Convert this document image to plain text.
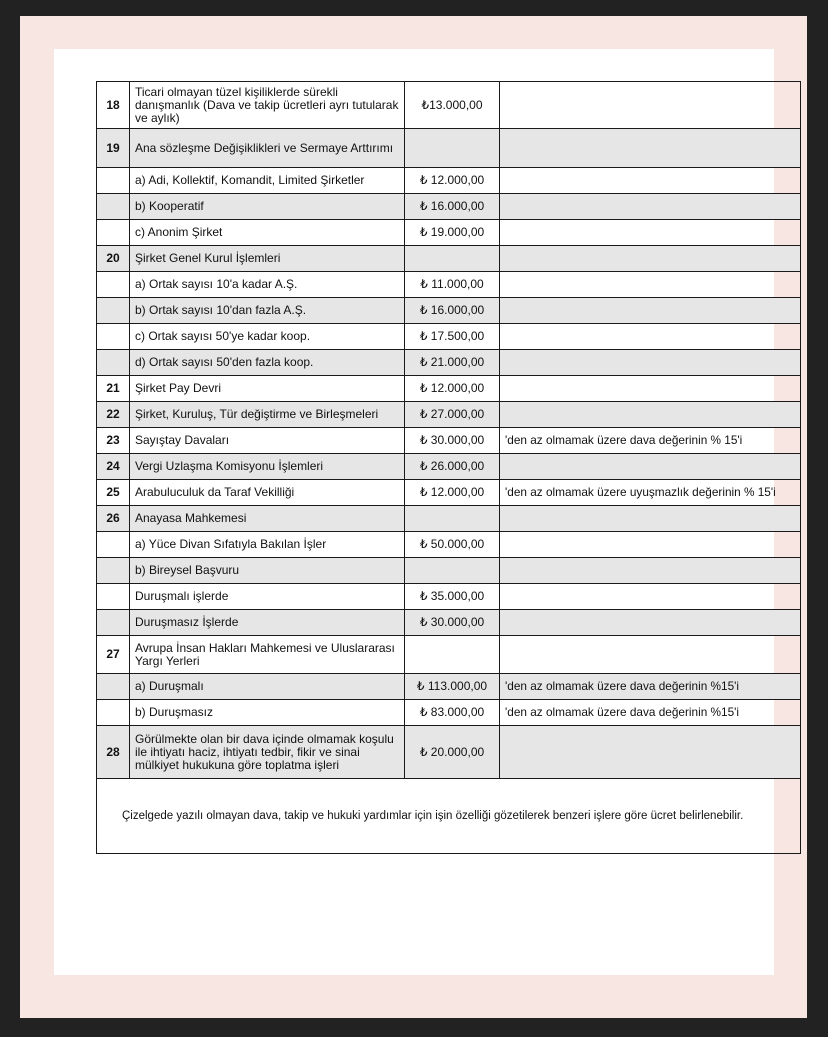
18	Ticari olmayan tüzel kişiliklerde sürekli danışmanlık (Dava ve takip ücretleri ayrı tutularak ve aylık)	₺13.000,00	
19	Ana sözleşme Değişiklikleri ve Sermaye Arttırımı		
	a) Adi, Kollektif, Komandit, Limited Şirketler	₺ 12.000,00	
	b) Kooperatif	₺ 16.000,00	
	c) Anonim Şirket	₺ 19.000,00	
20	Şirket Genel Kurul İşlemleri		
	a) Ortak sayısı 10'a kadar A.Ş.	₺ 11.000,00	
	b) Ortak sayısı 10'dan fazla A.Ş.	₺ 16.000,00	
	c) Ortak sayısı 50'ye kadar koop.	₺ 17.500,00	
	d) Ortak sayısı 50'den fazla koop.	₺ 21.000,00	
21	Şirket Pay Devri	₺ 12.000,00	
22	Şirket, Kuruluş, Tür değiştirme ve Birleşmeleri	₺ 27.000,00	
23	Sayıştay Davaları	₺ 30.000,00	'den az olmamak üzere dava değerinin % 15'i
24	Vergi Uzlaşma Komisyonu İşlemleri	₺ 26.000,00	
25	Arabuluculuk da Taraf Vekilliği	₺ 12.000,00	'den az olmamak üzere uyuşmazlık değerinin % 15'i
26	Anayasa Mahkemesi		
	a) Yüce Divan Sıfatıyla Bakılan İşler	₺ 50.000,00	
	b) Bireysel Başvuru		
	Duruşmalı işlerde	₺ 35.000,00	
	Duruşmasız İşlerde	₺ 30.000,00	
27	Avrupa İnsan Hakları Mahkemesi ve Uluslararası Yargı Yerleri		
	a) Duruşmalı	₺ 113.000,00	'den az olmamak üzere dava değerinin %15'i
	b) Duruşmasız	₺ 83.000,00	'den az olmamak üzere dava değerinin %15'i
28	Görülmekte olan bir dava içinde olmamak koşulu ile ihtiyatı haciz, ihtiyatı tedbir, fikir ve sinai mülkiyet hukukuna göre toplatma işleri	₺ 20.000,00	
Çizelgede yazılı olmayan dava, takip ve hukuki yardımlar için işin özelliği gözetilerek benzeri işlere göre ücret belirlenebilir.			
